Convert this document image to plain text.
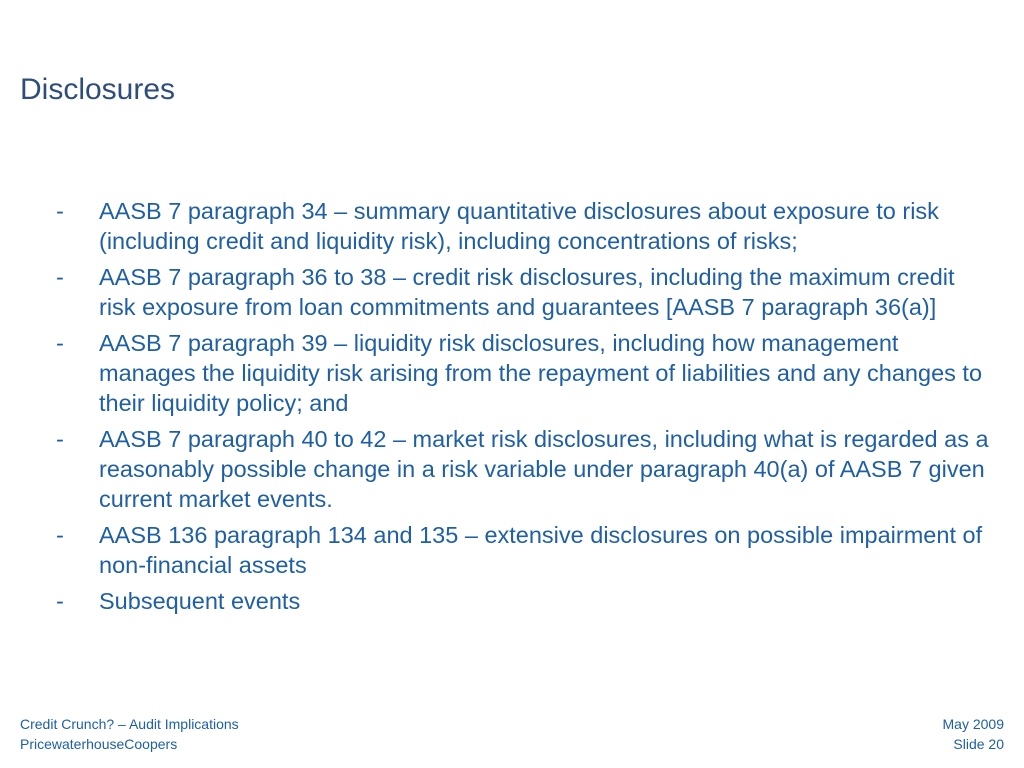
Disclosures
-	AASB 7 paragraph 34 – summary quantitative disclosures about exposure to risk (including credit and liquidity risk), including concentrations of risks;
-	AASB 7 paragraph 36 to 38 – credit risk disclosures, including the maximum credit risk exposure from loan commitments and guarantees [AASB 7 paragraph 36(a)]
-	AASB 7 paragraph 39 – liquidity risk disclosures, including how management manages the liquidity risk arising from the repayment of liabilities and any changes to their liquidity policy; and
-	AASB 7 paragraph 40 to 42 – market risk disclosures, including what is regarded as a reasonably possible change in a risk variable under paragraph 40(a) of AASB 7 given current market events.
-	AASB 136 paragraph 134 and 135 – extensive disclosures on possible impairment of non-financial assets
-	Subsequent events
Credit Crunch? – Audit Implications
PricewaterhouseCoopers
May 2009
Slide 20
